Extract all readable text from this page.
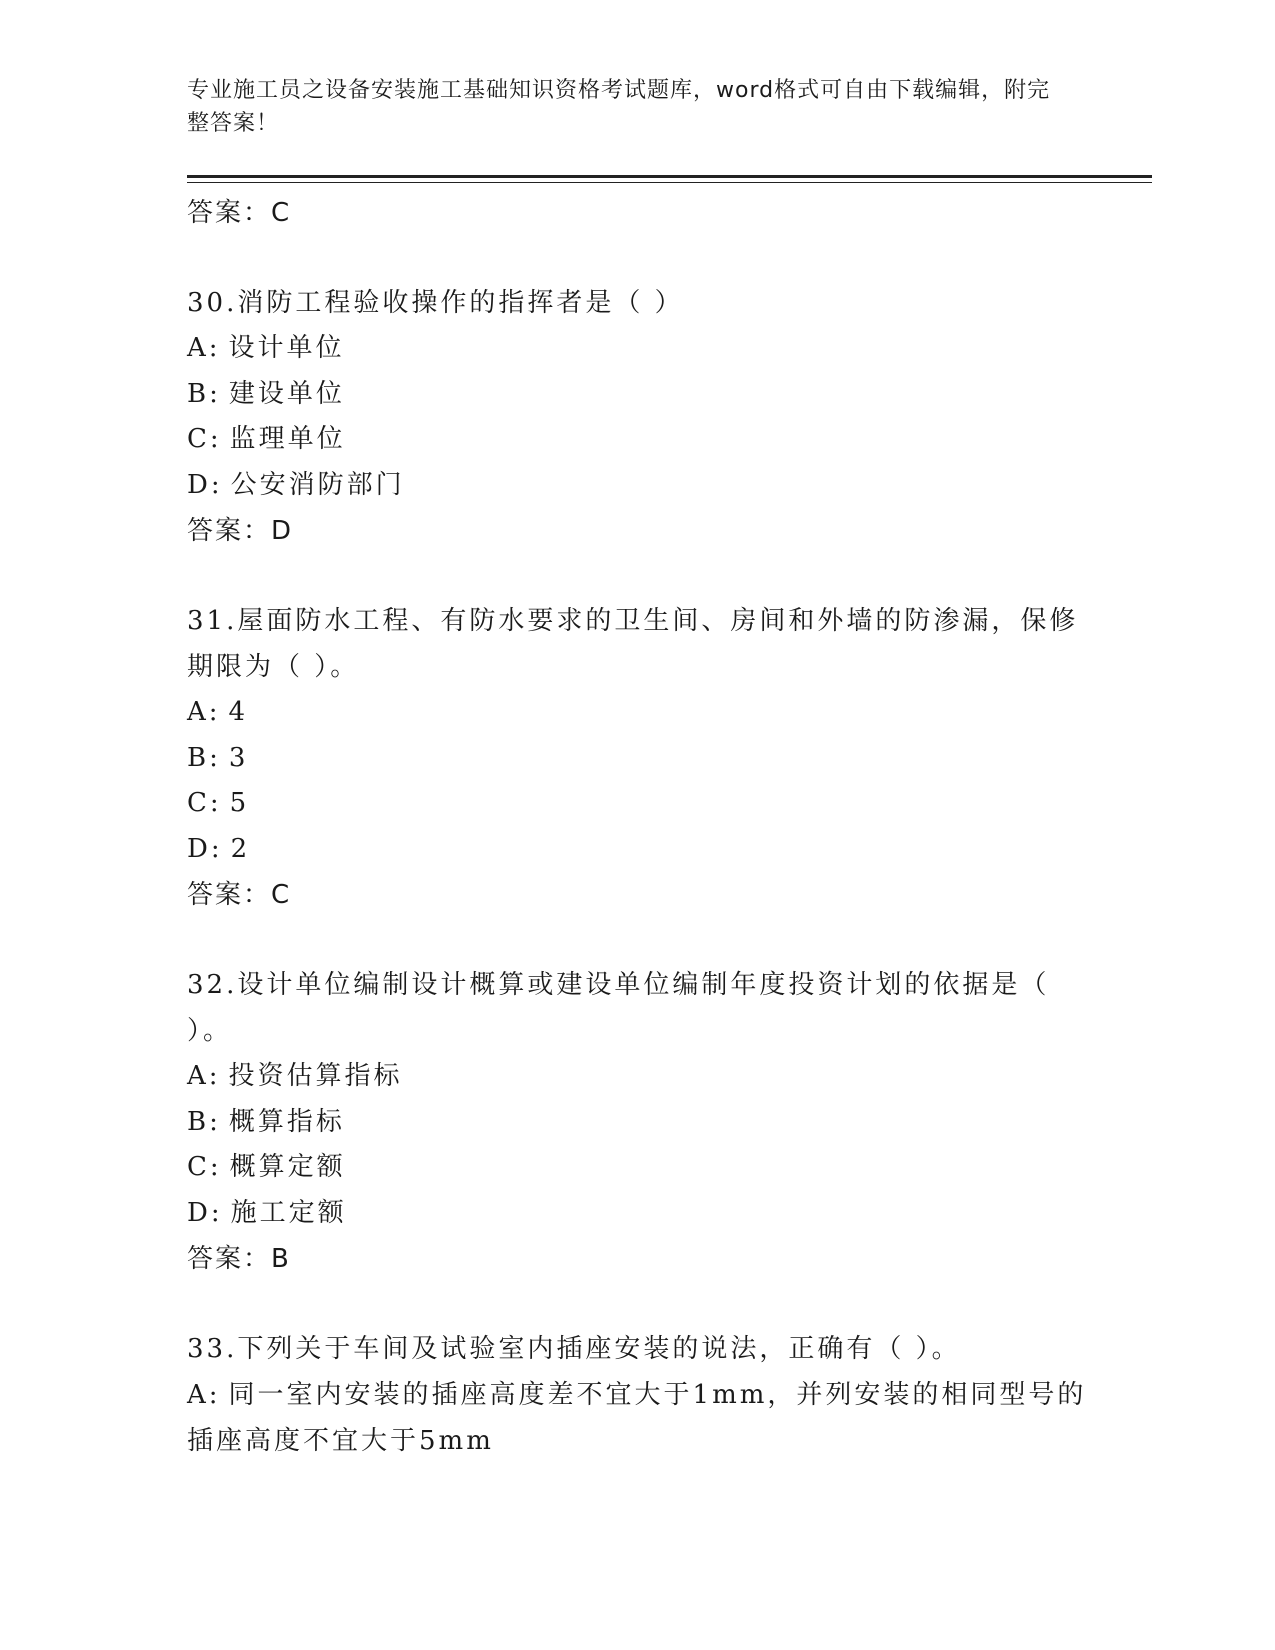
专业施工员之设备安装施工基础知识资格考试题库，word格式可自由下载编辑，附完整答案！
答案：C
30.消防工程验收操作的指挥者是（ ）
A: 设计单位
B: 建设单位
C: 监理单位
D: 公安消防部门
答案：D
31.屋面防水工程、有防水要求的卫生间、房间和外墙的防渗漏，保修期限为（ ）。
A: 4
B: 3
C: 5
D: 2
答案：C
32.设计单位编制设计概算或建设单位编制年度投资计划的依据是（ ）。
A: 投资估算指标
B: 概算指标
C: 概算定额
D: 施工定额
答案：B
33.下列关于车间及试验室内插座安装的说法，正确有（ ）。
A: 同一室内安装的插座高度差不宜大于1mm，并列安装的相同型号的插座高度不宜大于5mm
